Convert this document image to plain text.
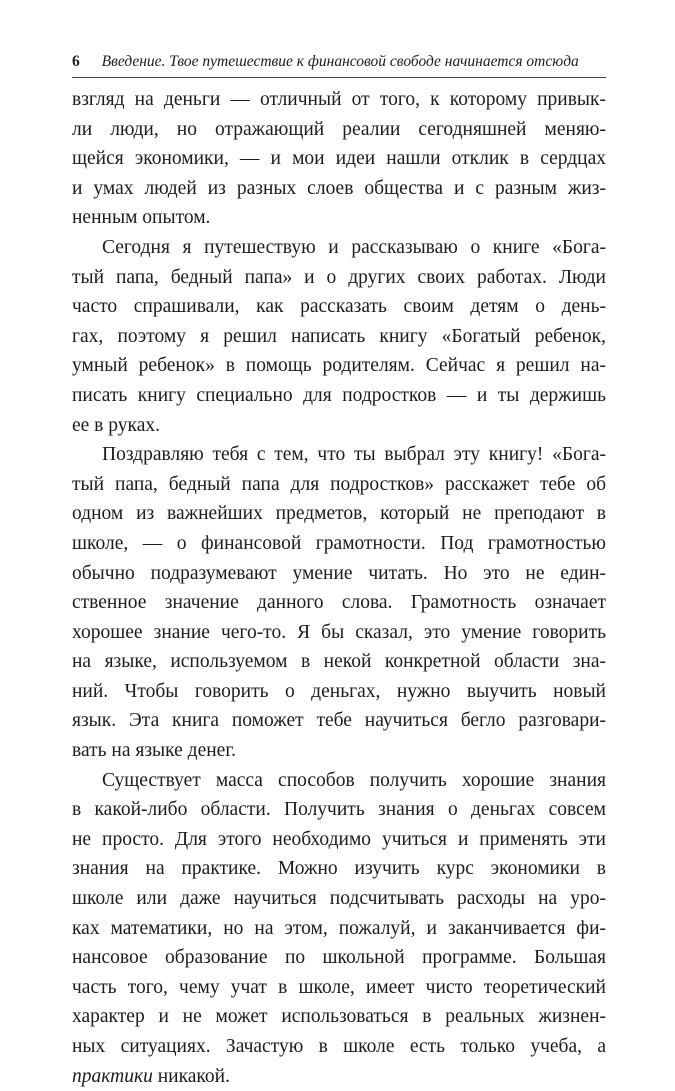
6 Введение. Твое путешествие к финансовой свободе начинается отсюда
взгляд на деньги — отличный от того, к которому привык-
ли люди, но отражающий реалии сегодняшней меняю-
щейся экономики, — и мои идеи нашли отклик в сердцах
и умах людей из разных слоев общества и с разным жиз-
ненным опытом.
Сегодня я путешествую и рассказываю о книге «Бога-
тый папа, бедный папа» и о других своих работах. Люди
часто спрашивали, как рассказать своим детям о день-
гах, поэтому я решил написать книгу «Богатый ребенок,
умный ребенок» в помощь родителям. Сейчас я решил на-
писать книгу специально для подростков — и ты держишь
ее в руках.
Поздравляю тебя с тем, что ты выбрал эту книгу! «Бога-
тый папа, бедный папа для подростков» расскажет тебе об
одном из важнейших предметов, который не преподают в
школе, — о финансовой грамотности. Под грамотностью
обычно подразумевают умение читать. Но это не един-
ственное значение данного слова. Грамотность означает
хорошее знание чего-то. Я бы сказал, это умение говорить
на языке, используемом в некой конкретной области зна-
ний. Чтобы говорить о деньгах, нужно выучить новый
язык. Эта книга поможет тебе научиться бегло разговари-
вать на языке денег.
Существует масса способов получить хорошие знания
в какой-либо области. Получить знания о деньгах совсем
не просто. Для этого необходимо учиться и применять эти
знания на практике. Можно изучить курс экономики в
школе или даже научиться подсчитывать расходы на уро-
ках математики, но на этом, пожалуй, и заканчивается фи-
нансовое образование по школьной программе. Большая
часть того, чему учат в школе, имеет чисто теоретический
характер и не может использоваться в реальных жизнен-
ных ситуациях. Зачастую в школе есть только учеба, а
практики никакой.
